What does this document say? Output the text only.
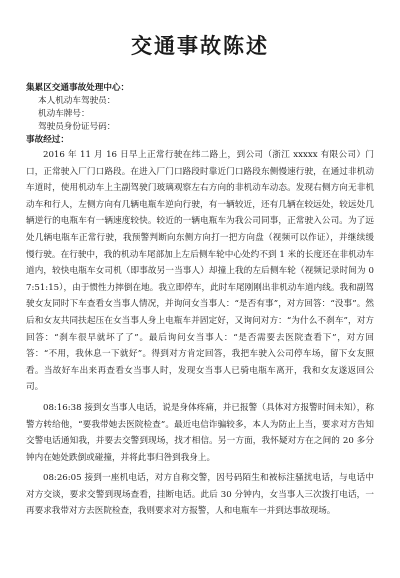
交通事故陈述

集累区交通事故处理中心：

本人机动车驾驶员：

机动车牌号：

驾驶员身份证号码：

事故经过：

2016 年 11 月 16 日早上正常行驶在纬二路上，到公司（浙江 xxxxx 有限公司）门口，正常驶入厂门口路段。在进入厂门口路段时靠近门口路段东侧慢速行驶，在通过非机动车道时，使用机动车上主副驾驶门玻璃观察左右方向的非机动车动态。发现右侧方向无非机动车和行人，左侧方向有几辆电瓶车逆向行驶，有一辆较近，还有几辆在较远处，较远处几辆逆行的电瓶车有一辆速度较快。较近的一辆电瓶车为我公司同事，正常驶入公司。为了远处几辆电瓶车正常行驶，我预警判断向东侧方向打一把方向盘（视频可以作证），并继续缓慢行驶。在行驶中，我的机动车尾部加上左后侧车轮中心处约不到 1 米的长度还在非机动车道内，较快电瓶车女司机（即事故另一当事人）却撞上我的左后侧车轮（视频记录时间为 07:51:15），由于惯性力摔倒在地。我立即停车，此时车尾刚刚出非机动车道内线。我和副驾驶女友同时下车查看女当事人情况，并询问女当事人：“是否有事”，对方回答：“没事”。然后和女友共同扶起压在女当事人身上电瓶车并固定好，又询问对方：“为什么不刹车”，对方回答：“刹车很早就坏了了”。最后询问女当事人：“是否需要去医院查看下”，对方回答：“不用，我休息一下就好”。得到对方肯定回答，我把车驶入公司停车场，留下女友照看。当故好车出来再查看女当事人时，发现女当事人已骑电瓶车离开，我和女友遂返回公司。

08:16:38 接到女当事人电话，说是身体疼痛，并已报警（具体对方报警时间未知），称警方转给他，“要我带她去医院检查”。最近电信诈骗较多，本人为防止上当，要求对方告知交警电话通知我，并要去交警到现场，找才相信。另一方面，我怀疑对方在之间的 20 多分钟内在她处跌倒或碰撞，并将此事归咎到我身上。

08:26:05 接到一座机电话，对方自称交警，因号码陌生和被标注骚扰电话，与电话中对方交谈，要求交警到现场查看，挂断电话。此后 30 分钟内，女当事人三次拨打电话，一再要求我带对方去医院检查，我则要求对方报警，人和电瓶车一并到达事故现场。
